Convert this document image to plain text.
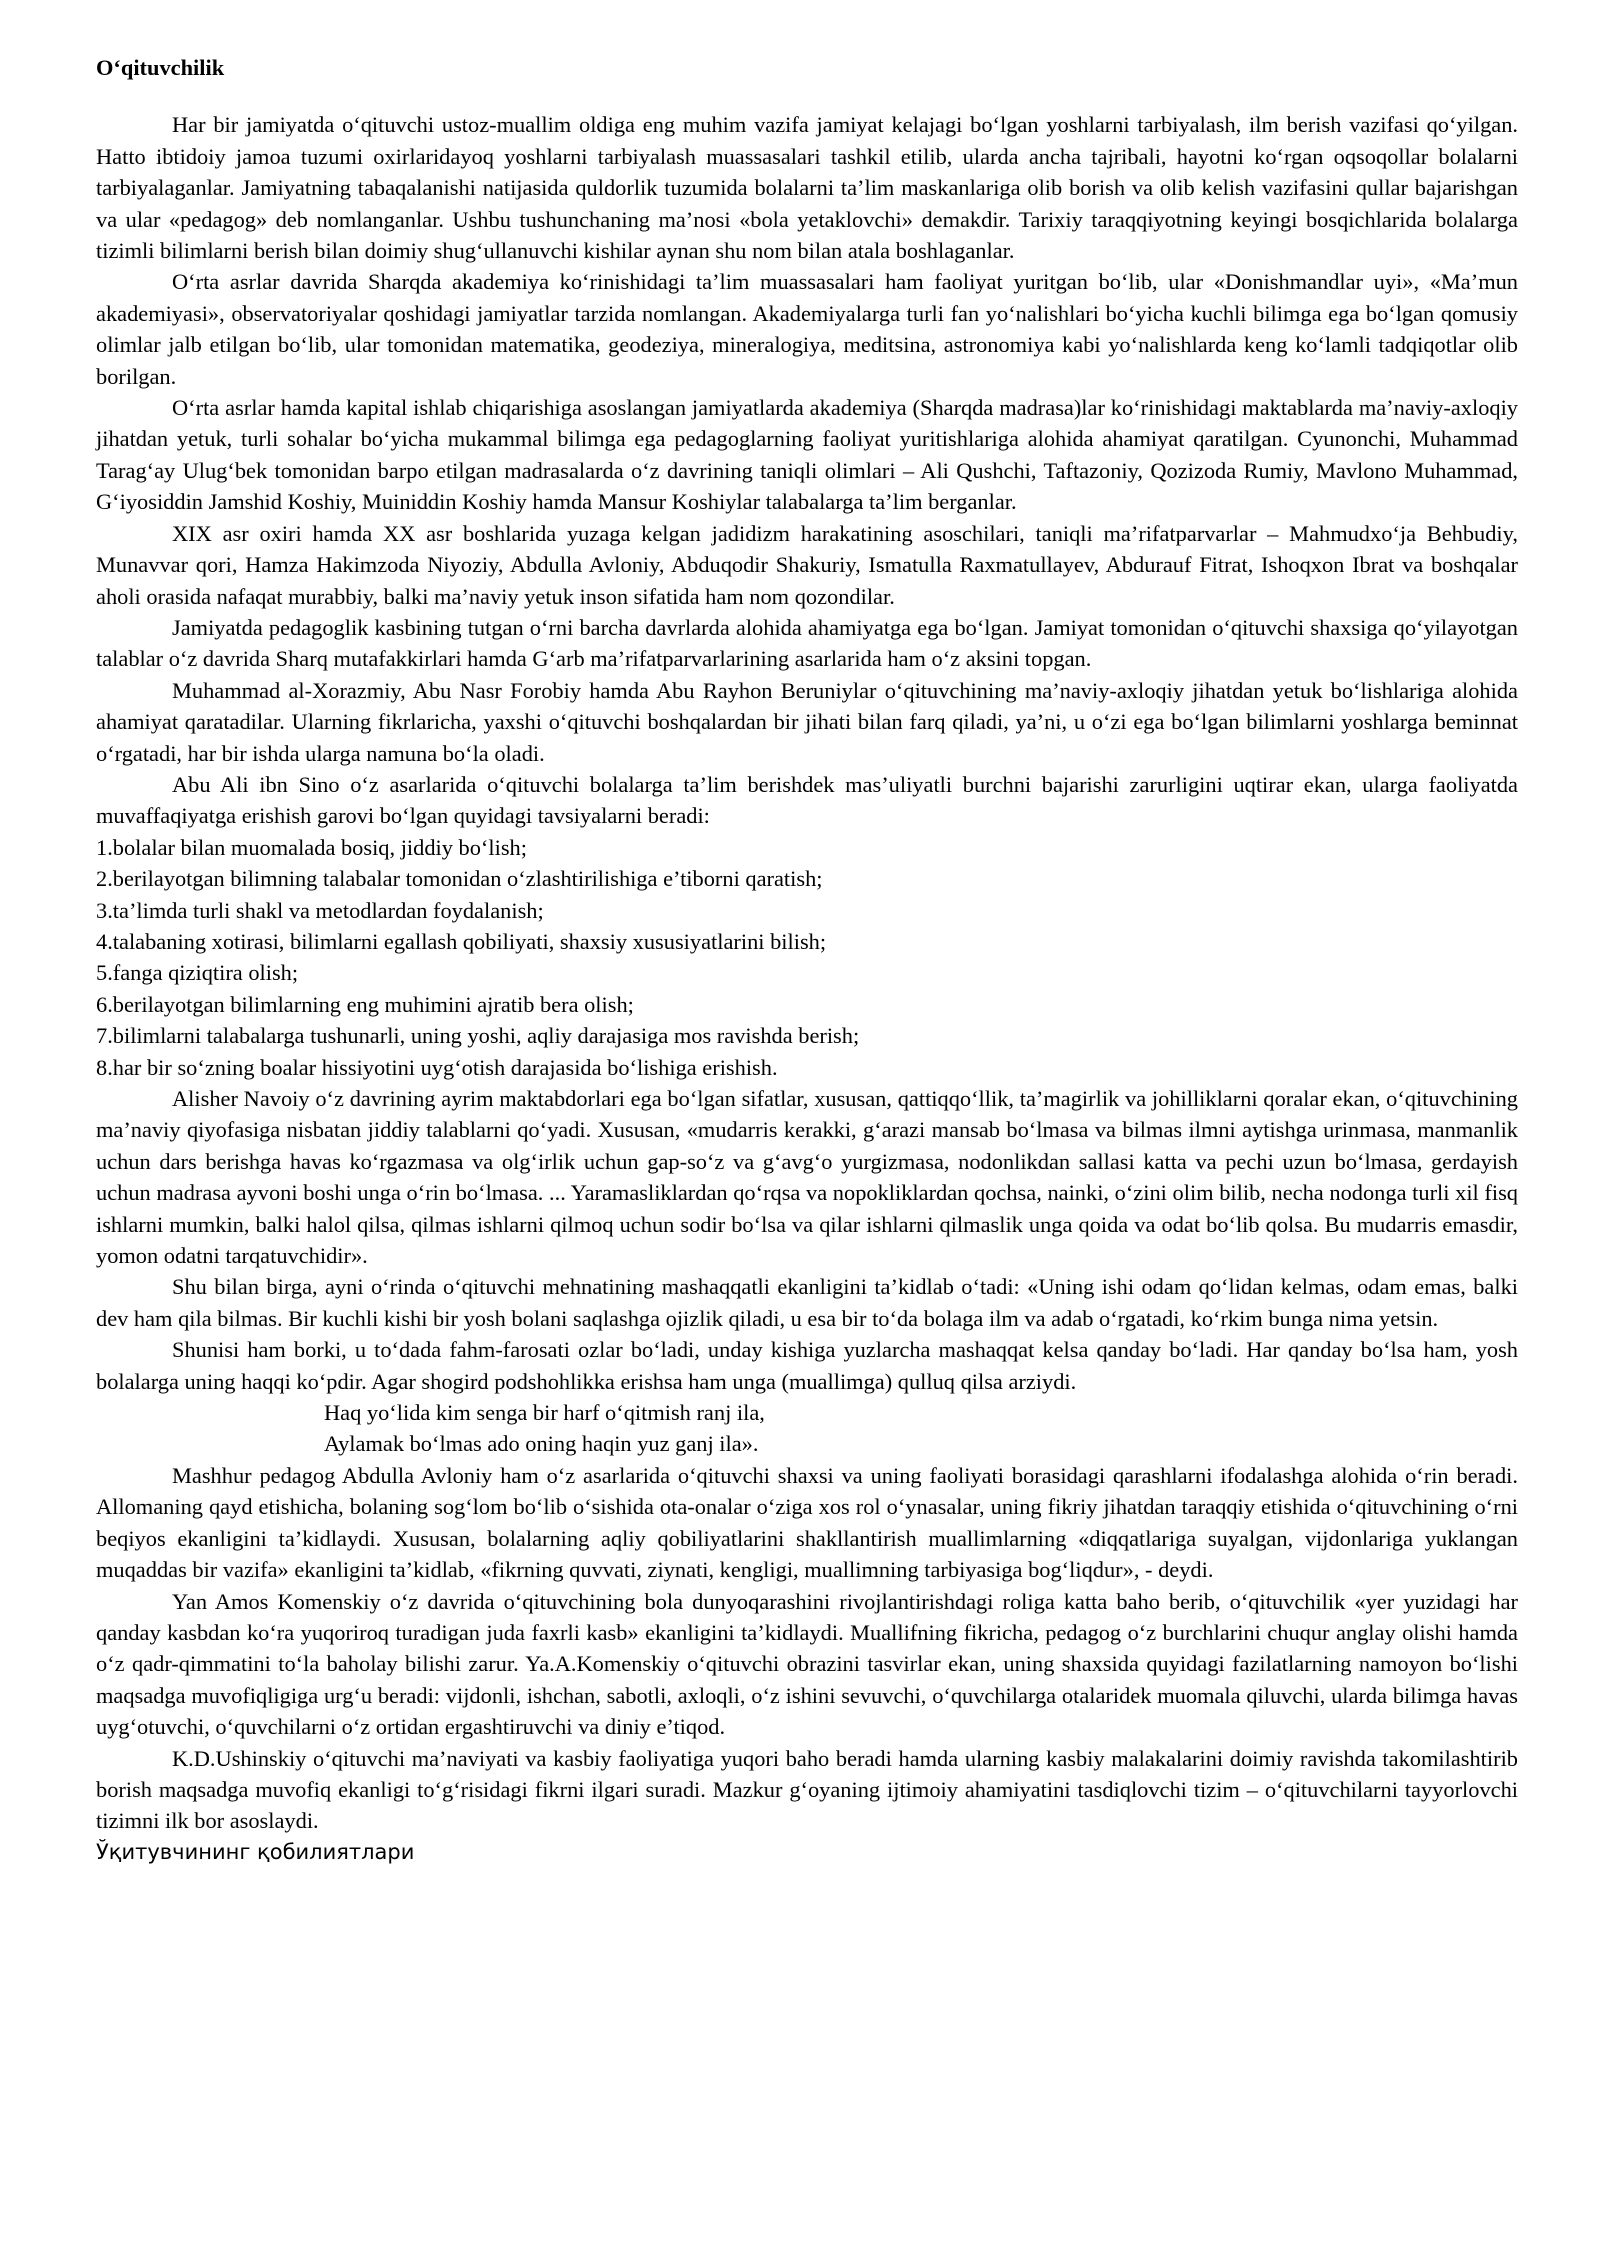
Oʻqituvchilik

Har bir jamiyatda oʻqituvchi ustoz-muallim oldiga eng muhim vazifa jamiyat kelajagi boʻlgan yoshlarni tarbiyalash, ilm berish vazifasi qoʻyilgan. Hatto ibtidoiy jamoa tuzumi oxirlaridayoq yoshlarni tarbiyalash muassasalari tashkil etilib, ularda ancha tajribali, hayotni koʻrgan oqsoqollar bolalarni tarbiyalaganlar. Jamiyatning tabaqalanishi natijasida quldorlik tuzumida bolalarni ta’lim maskanlariga olib borish va olib kelish vazifasini qullar bajarishgan va ular «pedagog» deb nomlanganlar. Ushbu tushunchaning ma’nosi «bola yetaklovchi» demakdir. Tarixiy taraqqiyotning keyingi bosqichlarida bolalarga tizimli bilimlarni berish bilan doimiy shugʻullanuvchi kishilar aynan shu nom bilan atala boshlaganlar.

Oʻrta asrlar davrida Sharqda akademiya koʻrinishidagi ta’lim muassasalari ham faoliyat yuritgan boʻlib, ular «Donishmandlar uyi», «Ma’mun akademiyasi», observatoriyalar qoshidagi jamiyatlar tarzida nomlangan. Akademiyalarga turli fan yoʻnalishlari boʻyicha kuchli bilimga ega boʻlgan qomusiy olimlar jalb etilgan boʻlib, ular tomonidan matematika, geodeziya, mineralogiya, meditsina, astronomiya kabi yoʻnalishlarda keng koʻlamli tadqiqotlar olib borilgan.

Oʻrta asrlar hamda kapital ishlab chiqarishiga asoslangan jamiyatlarda akademiya (Sharqda madrasa)lar koʻrinishidagi maktablarda ma’naviy-axloqiy jihatdan yetuk, turli sohalar boʻyicha mukammal bilimga ega pedagoglarning faoliyat yuritishlariga alohida ahamiyat qaratilgan. Cyunonchi, Muhammad Taragʻay Ulugʻbek tomonidan barpo etilgan madrasalarda oʻz davrining taniqli olimlari – Ali Qushchi, Taftazoniy, Qozizoda Rumiy, Mavlono Muhammad, Gʻiyosiddin Jamshid Koshiy, Muiniddin Koshiy hamda Mansur Koshiylar talabalarga ta’lim berganlar.

XIX asr oxiri hamda XX asr boshlarida yuzaga kelgan jadidizm harakatining asoschilari, taniqli ma’rifatparvarlar – Mahmudxoʻja Behbudiy, Munavvar qori, Hamza Hakimzoda Niyoziy, Abdulla Avloniy, Abduqodir Shakuriy, Ismatulla Raxmatullayev, Abdurauf Fitrat, Ishoqxon Ibrat va boshqalar aholi orasida nafaqat murabbiy, balki ma’naviy yetuk inson sifatida ham nom qozondilar.

Jamiyatda pedagoglik kasbining tutgan oʻrni barcha davrlarda alohida ahamiyatga ega boʻlgan. Jamiyat tomonidan oʻqituvchi shaxsiga qoʻyilayotgan talablar oʻz davrida Sharq mutafakkirlari hamda Gʻarb ma’rifatparvarlarining asarlarida ham oʻz aksini topgan.

Muhammad al-Xorazmiy, Abu Nasr Forobiy hamda Abu Rayhon Beruniylar oʻqituvchining ma’naviy-axloqiy jihatdan yetuk boʻlishlariga alohida ahamiyat qaratadilar. Ularning fikrlaricha, yaxshi oʻqituvchi boshqalardan bir jihati bilan farq qiladi, ya’ni, u oʻzi ega boʻlgan bilimlarni yoshlarga beminnat oʻrgatadi, har bir ishda ularga namuna boʻla oladi.

Abu Ali ibn Sino oʻz asarlarida oʻqituvchi bolalarga ta’lim berishdek mas’uliyatli burchni bajarishi zarurligini uqtirar ekan, ularga faoliyatda muvaffaqiyatga erishish garovi boʻlgan quyidagi tavsiyalarni beradi:

1.bolalar bilan muomalada bosiq, jiddiy boʻlish;
2.berilayotgan bilimning talabalar tomonidan oʻzlashtirilishiga e’tiborni qaratish;
3.ta’limda turli shakl va metodlardan foydalanish;
4.talabaning xotirasi, bilimlarni egallash qobiliyati, shaxsiy xususiyatlarini bilish;
5.fanga qiziqtira olish;
6.berilayotgan bilimlarning eng muhimini ajratib bera olish;
7.bilimlarni talabalarga tushunarli, uning yoshi, aqliy darajasiga mos ravishda berish;
8.har bir soʻzning boalar hissiyotini uygʻotish darajasida boʻlishiga erishish.

Alisher Navoiy oʻz davrining ayrim maktabdorlari ega boʻlgan sifatlar, xususan, qattiqqoʻllik, ta’magirlik va johilliklarni qoralar ekan, oʻqituvchining ma’naviy qiyofasiga nisbatan jiddiy talablarni qoʻyadi. Xususan, «mudarris kerakki, gʻarazi mansab boʻlmasa va bilmas ilmni aytishga urinmasa, manmanlik uchun dars berishga havas koʻrgazmasa va olgʻirlik uchun gap-soʻz va gʻavgʻo yurgizmasa, nodonlikdan sallasi katta va pechi uzun boʻlmasa, gerdayish uchun madrasa ayvoni boshi unga oʻrin boʻlmasa. ... Yaramasliklardan qoʻrqsa va nopokliklardan qochsa, nainki, oʻzini olim bilib, necha nodonga turli xil fisq ishlarni mumkin, balki halol qilsa, qilmas ishlarni qilmoq uchun sodir boʻlsa va qilar ishlarni qilmaslik unga qoida va odat boʻlib qolsa. Bu mudarris emasdir, yomon odatni tarqatuvchidir».

Shu bilan birga, ayni oʻrinda oʻqituvchi mehnatining mashaqqatli ekanligini ta’kidlab oʻtadi: «Uning ishi odam qoʻlidan kelmas, odam emas, balki dev ham qila bilmas. Bir kuchli kishi bir yosh bolani saqlashga ojizlik qiladi, u esa bir toʻda bolaga ilm va adab oʻrgatadi, koʻrkim bunga nima yetsin.

Shunisi ham borki, u toʻdada fahm-farosati ozlar boʻladi, unday kishiga yuzlarcha mashaqqat kelsa qanday boʻladi. Har qanday boʻlsa ham, yosh bolalarga uning haqqi koʻpdir. Agar shogird podshohlikka erishsa ham unga (muallimga) qulluq qilsa arziydi.

Haq yoʻlida kim senga bir harf oʻqitmish ranj ila,
Aylamak boʻlmas ado oning haqin yuz ganj ila».

Mashhur pedagog Abdulla Avloniy ham oʻz asarlarida oʻqituvchi shaxsi va uning faoliyati borasidagi qarashlarni ifodalashga alohida oʻrin beradi. Allomaning qayd etishicha, bolaning sogʻlom boʻlib oʻsishida ota-onalar oʻziga xos rol oʻynasalar, uning fikriy jihatdan taraqqiy etishida oʻqituvchining oʻrni beqiyos ekanligini ta’kidlaydi. Xususan, bolalarning aqliy qobiliyatlarini shakllantirish muallimlarning «diqqatlariga suyalgan, vijdonlariga yuklangan muqaddas bir vazifa» ekanligini ta’kidlab, «fikrning quvvati, ziynati, kengligi, muallimning tarbiyasiga bogʻliqdur», - deydi.

Yan Amos Komenskiy oʻz davrida oʻqituvchining bola dunyoqarashini rivojlantirishdagi roliga katta baho berib, oʻqituvchilik «yer yuzidagi har qanday kasbdan koʻra yuqoriroq turadigan juda faxrli kasb» ekanligini ta’kidlaydi. Muallifning fikricha, pedagog oʻz burchlarini chuqur anglay olishi hamda oʻz qadr-qimmatini toʻla baholay bilishi zarur. Ya.A.Komenskiy oʻqituvchi obrazini tasvirlar ekan, uning shaxsida quyidagi fazilatlarning namoyon boʻlishi maqsadga muvofiqligiga urgʻu beradi: vijdonli, ishchan, sabotli, axloqli, oʻz ishini sevuvchi, oʻquvchilarga otalaridek muomala qiluvchi, ularda bilimga havas uygʻotuvchi, oʻquvchilarni oʻz ortidan ergashtiruvchi va diniy e’tiqod.

K.D.Ushinskiy oʻqituvchi ma’naviyati va kasbiy faoliyatiga yuqori baho beradi hamda ularning kasbiy malakalarini doimiy ravishda takomilashtirib borish maqsadga muvofiq ekanligi toʻgʻrisidagi fikrni ilgari suradi. Mazkur gʻoyaning ijtimoiy ahamiyatini tasdiqlovchi tizim – oʻqituvchilarni tayyorlovchi tizimni ilk bor asoslaydi.

Ўқитувчининг қобилиятлари
